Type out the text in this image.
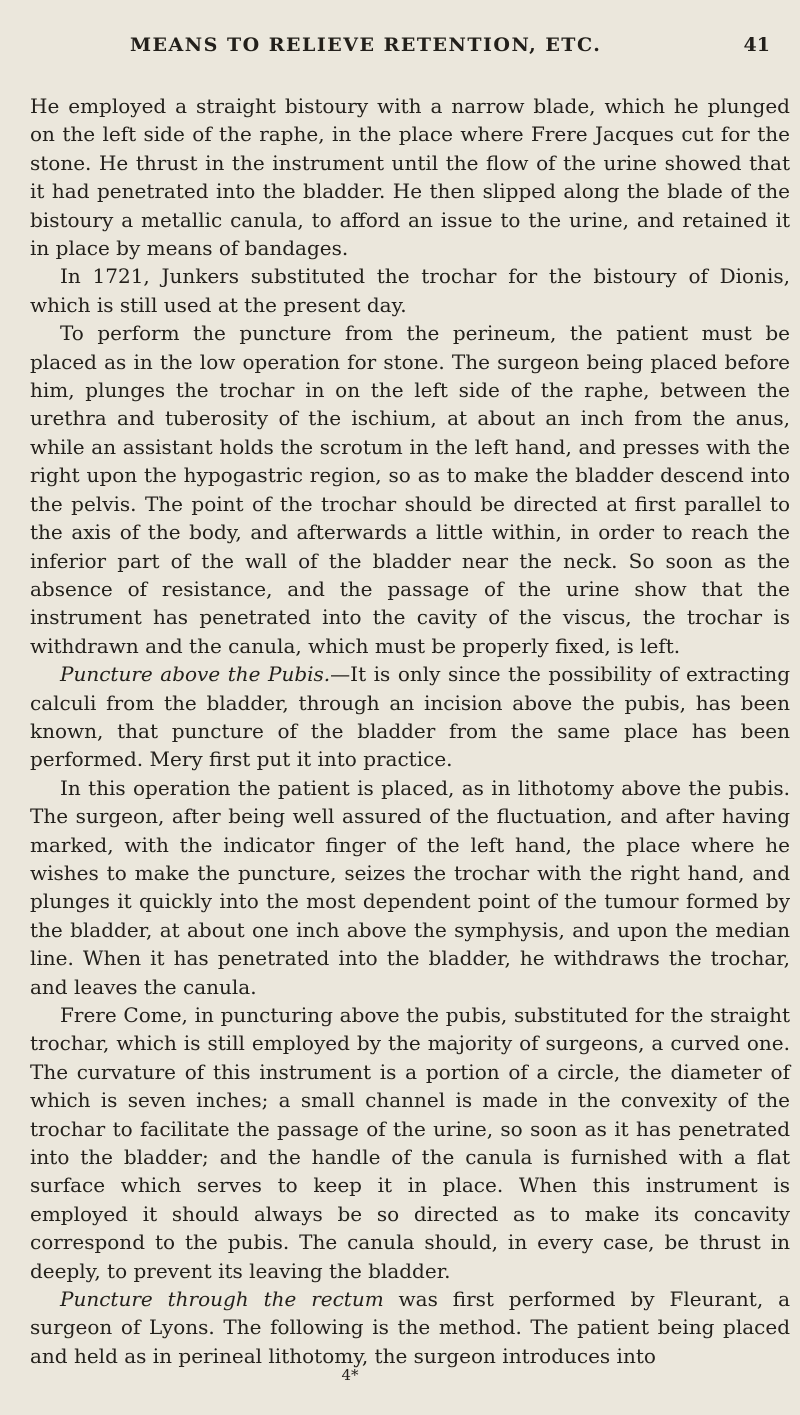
MEANS TO RELIEVE RETENTION, ETC.	41

He employed a straight bistoury with a narrow blade, which he plunged on the left side of the raphe, in the place where Frere Jacques cut for the stone. He thrust in the instrument until the flow of the urine showed that it had penetrated into the bladder. He then slipped along the blade of the bistoury a metallic canula, to afford an issue to the urine, and retained it in place by means of bandages.

In 1721, Junkers substituted the trochar for the bistoury of Dionis, which is still used at the present day.

To perform the puncture from the perineum, the patient must be placed as in the low operation for stone. The surgeon being placed before him, plunges the trochar in on the left side of the raphe, between the urethra and tuberosity of the ischium, at about an inch from the anus, while an assistant holds the scrotum in the left hand, and presses with the right upon the hypogastric region, so as to make the bladder descend into the pelvis. The point of the trochar should be directed at first parallel to the axis of the body, and afterwards a little within, in order to reach the inferior part of the wall of the bladder near the neck. So soon as the absence of resistance, and the passage of the urine show that the instrument has penetrated into the cavity of the viscus, the trochar is withdrawn and the canula, which must be properly fixed, is left.

Puncture above the Pubis.—It is only since the possibility of extracting calculi from the bladder, through an incision above the pubis, has been known, that puncture of the bladder from the same place has been performed. Mery first put it into practice.

In this operation the patient is placed, as in lithotomy above the pubis. The surgeon, after being well assured of the fluctuation, and after having marked, with the indicator finger of the left hand, the place where he wishes to make the puncture, seizes the trochar with the right hand, and plunges it quickly into the most dependent point of the tumour formed by the bladder, at about one inch above the symphysis, and upon the median line. When it has penetrated into the bladder, he withdraws the trochar, and leaves the canula.

Frere Come, in puncturing above the pubis, substituted for the straight trochar, which is still employed by the majority of surgeons, a curved one. The curvature of this instrument is a portion of a circle, the diameter of which is seven inches; a small channel is made in the convexity of the trochar to facilitate the passage of the urine, so soon as it has penetrated into the bladder; and the handle of the canula is furnished with a flat surface which serves to keep it in place. When this instrument is employed it should always be so directed as to make its concavity correspond to the pubis. The canula should, in every case, be thrust in deeply, to prevent its leaving the bladder.

Puncture through the rectum was first performed by Fleurant, a surgeon of Lyons. The following is the method. The patient being placed and held as in perineal lithotomy, the surgeon introduces into

4*
